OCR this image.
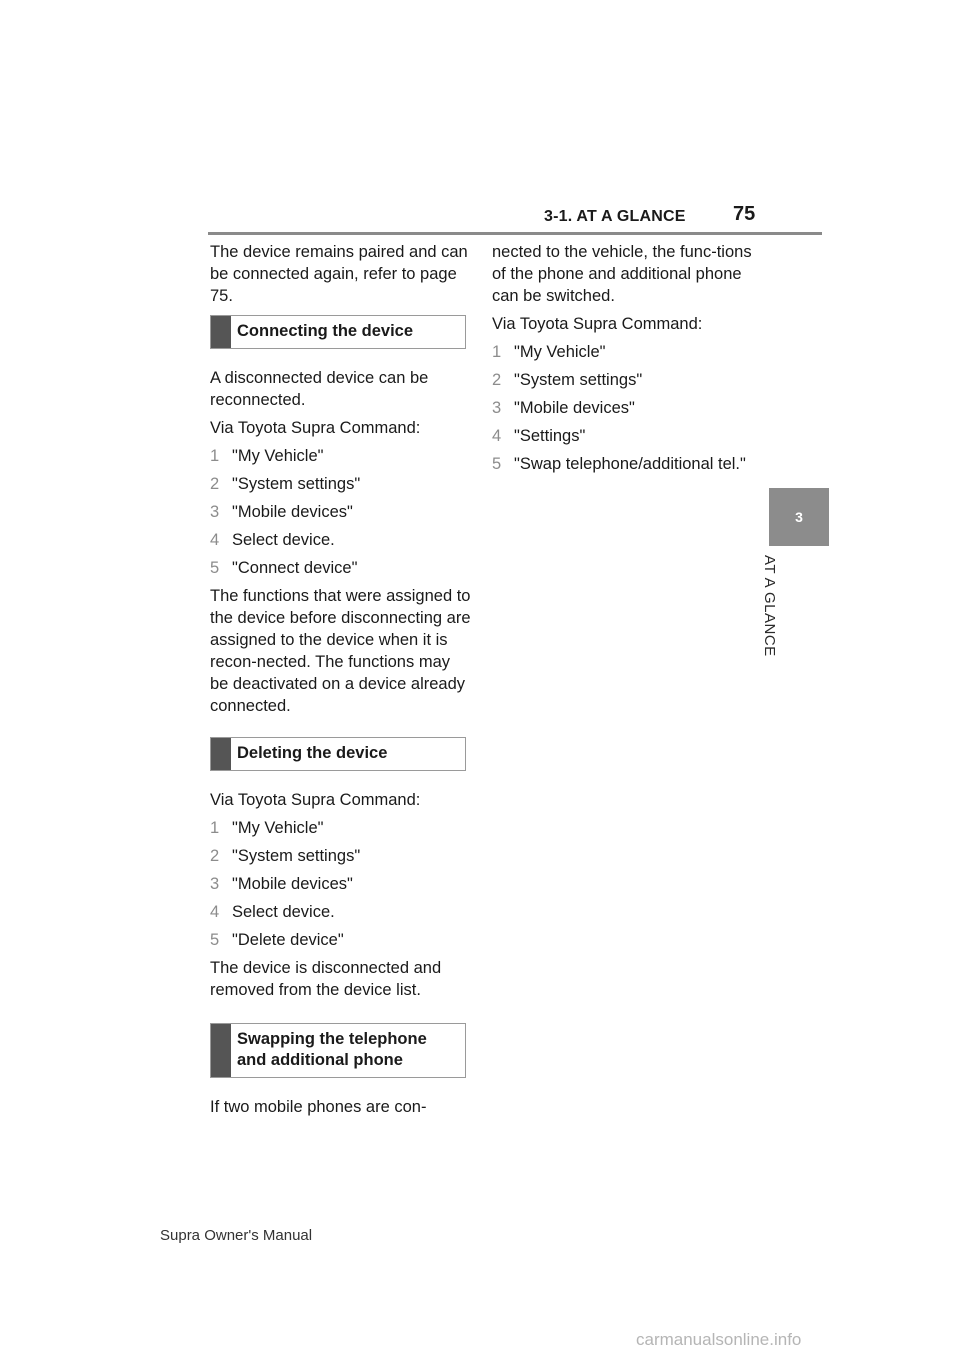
3-1. AT A GLANCE 75
3
AT A GLANCE

The device remains paired and can be connected again, refer to page 75.

Connecting the device

A disconnected device can be reconnected.

Via Toyota Supra Command:

1 "My Vehicle"
2 "System settings"
3 "Mobile devices"
4 Select device.
5 "Connect device"

The functions that were assigned to the device before disconnecting are assigned to the device when it is recon-nected. The functions may be deactivated on a device already connected.

Deleting the device

Via Toyota Supra Command:

1 "My Vehicle"
2 "System settings"
3 "Mobile devices"
4 Select device.
5 "Delete device"

The device is disconnected and removed from the device list.

Swapping the telephone and additional phone

If two mobile phones are con-

nected to the vehicle, the func-tions of the phone and additional phone can be switched.

Via Toyota Supra Command:

1 "My Vehicle"
2 "System settings"
3 "Mobile devices"
4 "Settings"
5 "Swap telephone/additional tel."
Supra Owner's Manual
carmanualsonline.info
